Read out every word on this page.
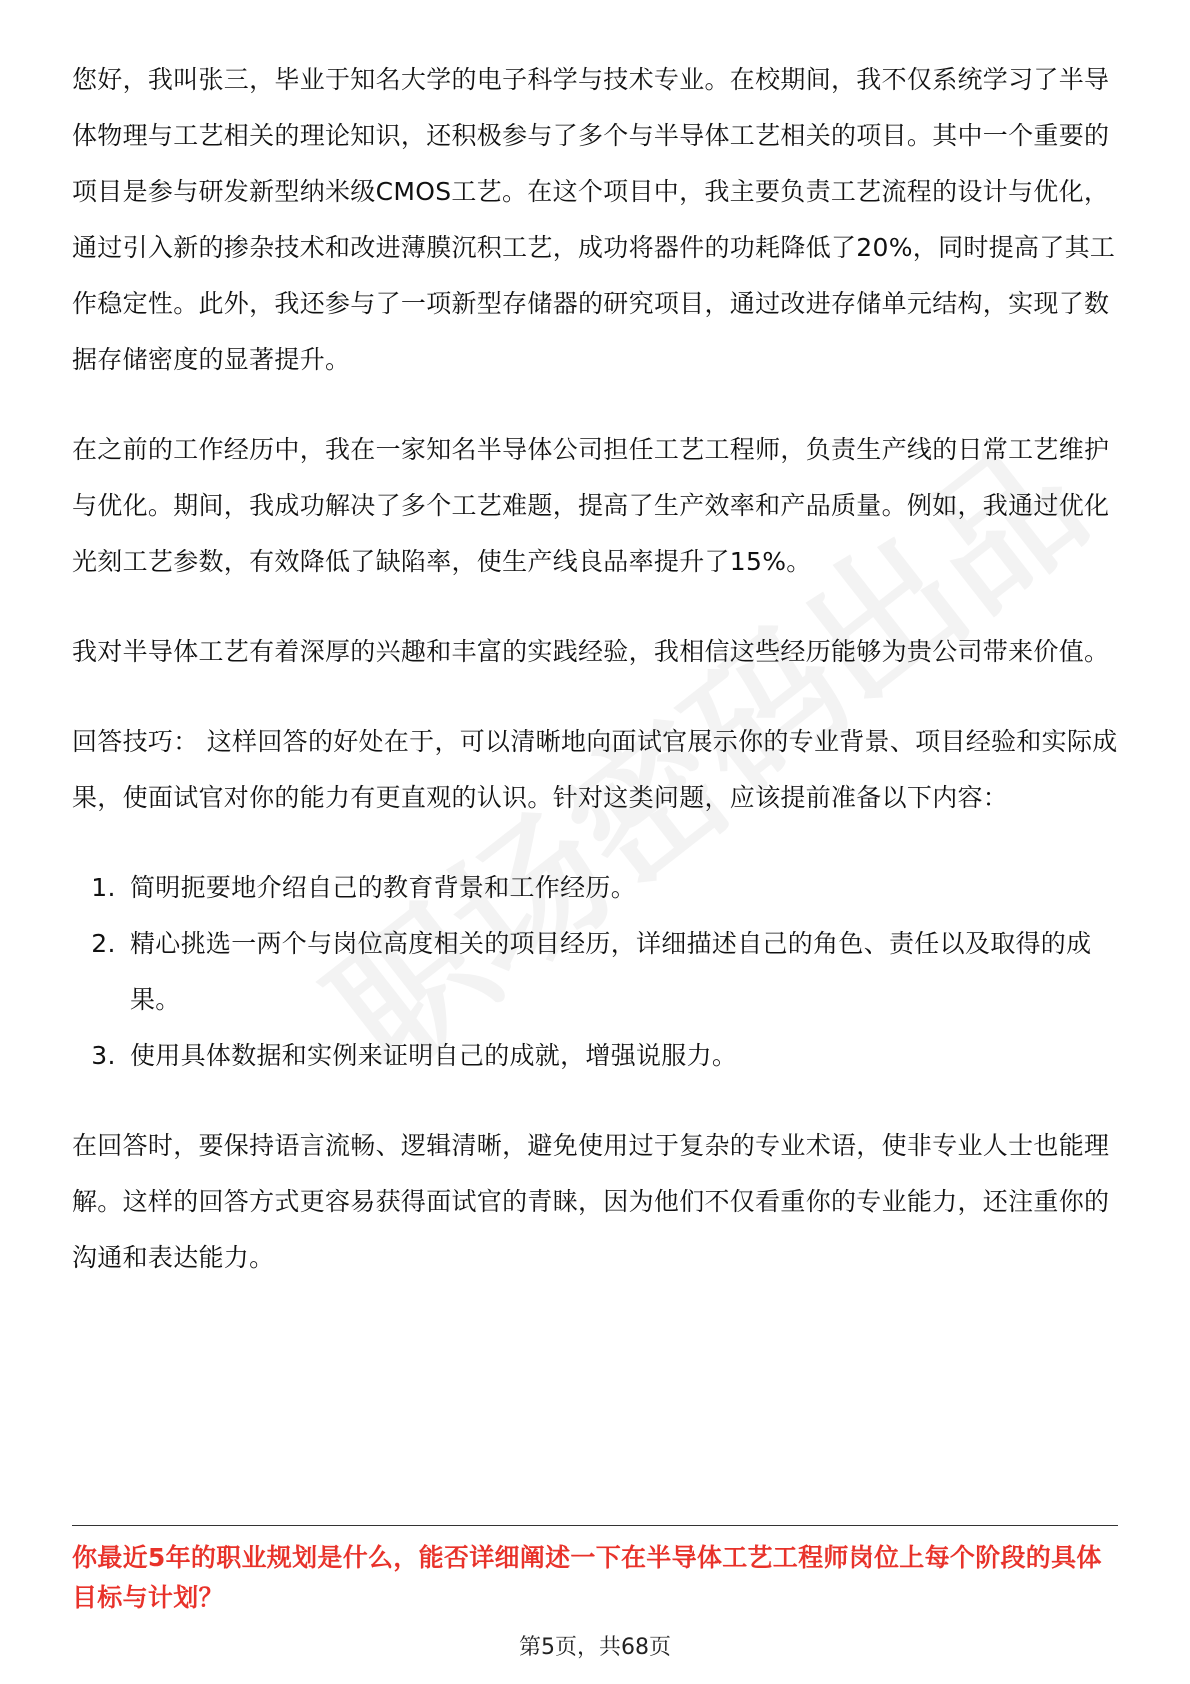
您好，我叫张三，毕业于知名大学的电子科学与技术专业。在校期间，我不仅系统学习了半导体物理与工艺相关的理论知识，还积极参与了多个与半导体工艺相关的项目。其中一个重要的项目是参与研发新型纳米级CMOS工艺。在这个项目中，我主要负责工艺流程的设计与优化，通过引入新的掺杂技术和改进薄膜沉积工艺，成功将器件的功耗降低了20%，同时提高了其工作稳定性。此外，我还参与了一项新型存储器的研究项目，通过改进存储单元结构，实现了数据存储密度的显著提升。

在之前的工作经历中，我在一家知名半导体公司担任工艺工程师，负责生产线的日常工艺维护与优化。期间，我成功解决了多个工艺难题，提高了生产效率和产品质量。例如，我通过优化光刻工艺参数，有效降低了缺陷率，使生产线良品率提升了15%。

我对半导体工艺有着深厚的兴趣和丰富的实践经验，我相信这些经历能够为贵公司带来价值。

回答技巧： 这样回答的好处在于，可以清晰地向面试官展示你的专业背景、项目经验和实际成果，使面试官对你的能力有更直观的认识。针对这类问题，应该提前准备以下内容：

1. 简明扼要地介绍自己的教育背景和工作经历。
2. 精心挑选一两个与岗位高度相关的项目经历，详细描述自己的角色、责任以及取得的成果。
3. 使用具体数据和实例来证明自己的成就，增强说服力。

在回答时，要保持语言流畅、逻辑清晰，避免使用过于复杂的专业术语，使非专业人士也能理解。这样的回答方式更容易获得面试官的青睐，因为他们不仅看重你的专业能力，还注重你的沟通和表达能力。

你最近5年的职业规划是什么，能否详细阐述一下在半导体工艺工程师岗位上每个阶段的具体目标与计划？

第5页，共68页
